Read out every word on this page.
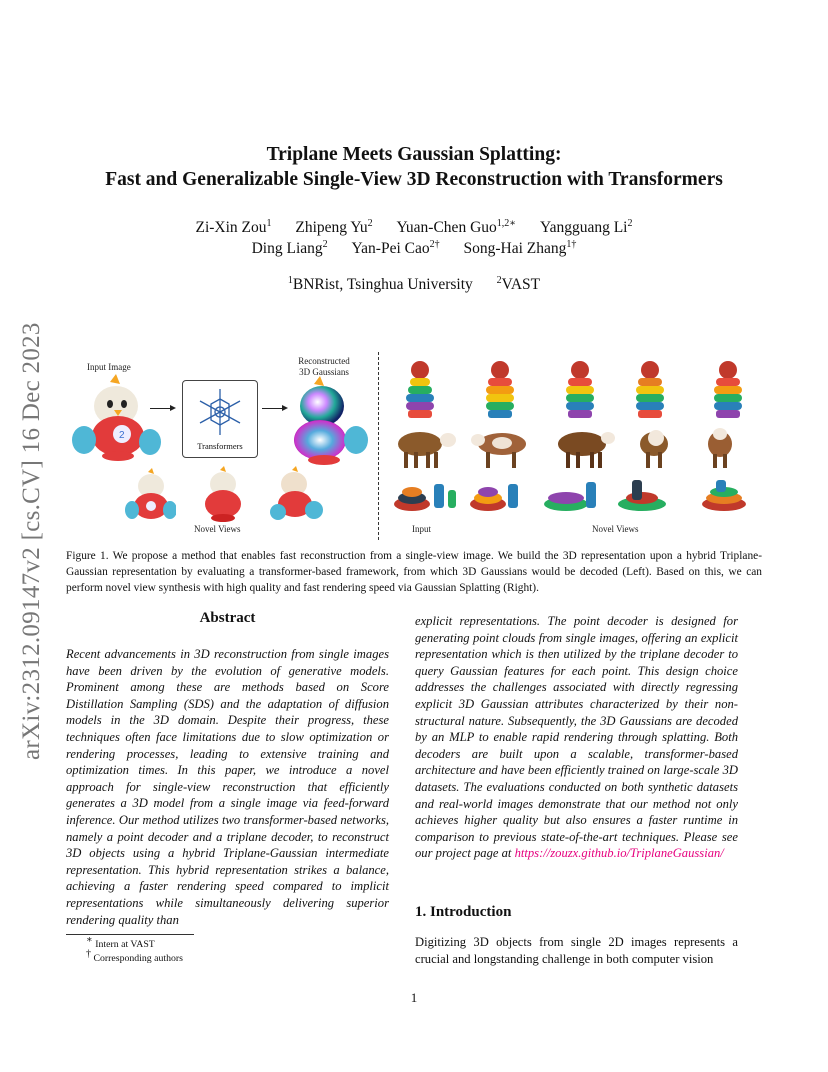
arXiv:2312.09147v2 [cs.CV] 16 Dec 2023
Triplane Meets Gaussian Splatting:
Fast and Generalizable Single-View 3D Reconstruction with Transformers
Zi-Xin Zou$^1$ Zhipeng Yu$^2$ Yuan-Chen Guo$^{1,2∗}$ Yangguang Li$^2$
Ding Liang$^2$ Yan-Pei Cao$^{2\dagger}$ Song-Hai Zhang$^{1\dagger}$
$^1$BNRist, Tsinghua University $^2$VAST
Input Image
2
Transformers
Reconstructed
3D Gaussians
Novel Views	Input	Novel Views
Figure 1. We propose a method that enables fast reconstruction from a single-view image. We build the 3D representation upon a hybrid Triplane-Gaussian representation by evaluating a transformer-based framework, from which 3D Gaussians would be decoded (Left). Based on this, we can perform novel view synthesis with high quality and fast rendering speed via Gaussian Splatting (Right).
Abstract
Recent advancements in 3D reconstruction from single images have been driven by the evolution of generative models. Prominent among these are methods based on Score Distillation Sampling (SDS) and the adaptation of diffusion models in the 3D domain. Despite their progress, these techniques often face limitations due to slow optimization or rendering processes, leading to extensive training and optimization times. In this paper, we introduce a novel approach for single-view reconstruction that efficiently generates a 3D model from a single image via feed-forward inference. Our method utilizes two transformer-based networks, namely a point decoder and a triplane decoder, to reconstruct 3D objects using a hybrid Triplane-Gaussian intermediate representation. This hybrid representation strikes a balance, achieving a faster rendering speed compared to implicit representations while simultaneously delivering superior rendering quality than
explicit representations. The point decoder is designed for generating point clouds from single images, offering an explicit representation which is then utilized by the triplane decoder to query Gaussian features for each point. This design choice addresses the challenges associated with directly regressing explicit 3D Gaussian attributes characterized by their non-structural nature. Subsequently, the 3D Gaussians are decoded by an MLP to enable rapid rendering through splatting. Both decoders are built upon a scalable, transformer-based architecture and have been efficiently trained on large-scale 3D datasets. The evaluations conducted on both synthetic datasets and real-world images demonstrate that our method not only achieves higher quality but also ensures a faster runtime in comparison to previous state-of-the-art techniques. Please see our project page at https://zouzx.github.io/TriplaneGaussian/
1. Introduction
Digitizing 3D objects from single 2D images represents a crucial and longstanding challenge in both computer vision
∗ Intern at VAST
† Corresponding authors
1
